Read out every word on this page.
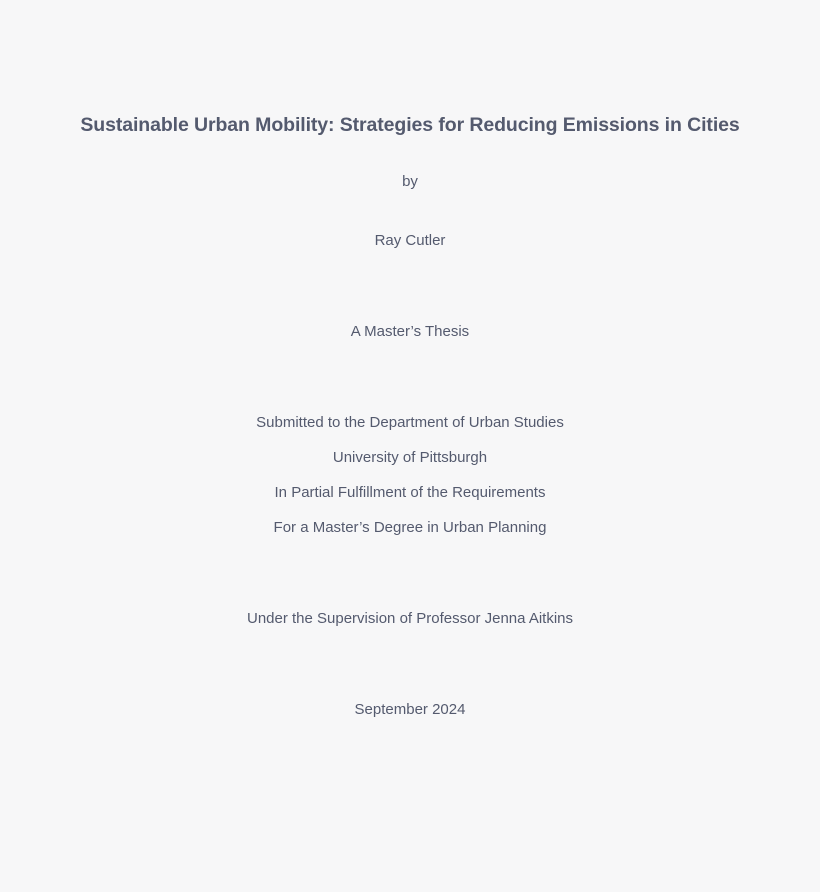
Sustainable Urban Mobility: Strategies for Reducing Emissions in Cities
by
Ray Cutler
A Master’s Thesis
Submitted to the Department of Urban Studies
University of Pittsburgh
In Partial Fulfillment of the Requirements
For a Master’s Degree in Urban Planning
Under the Supervision of Professor Jenna Aitkins
September 2024
